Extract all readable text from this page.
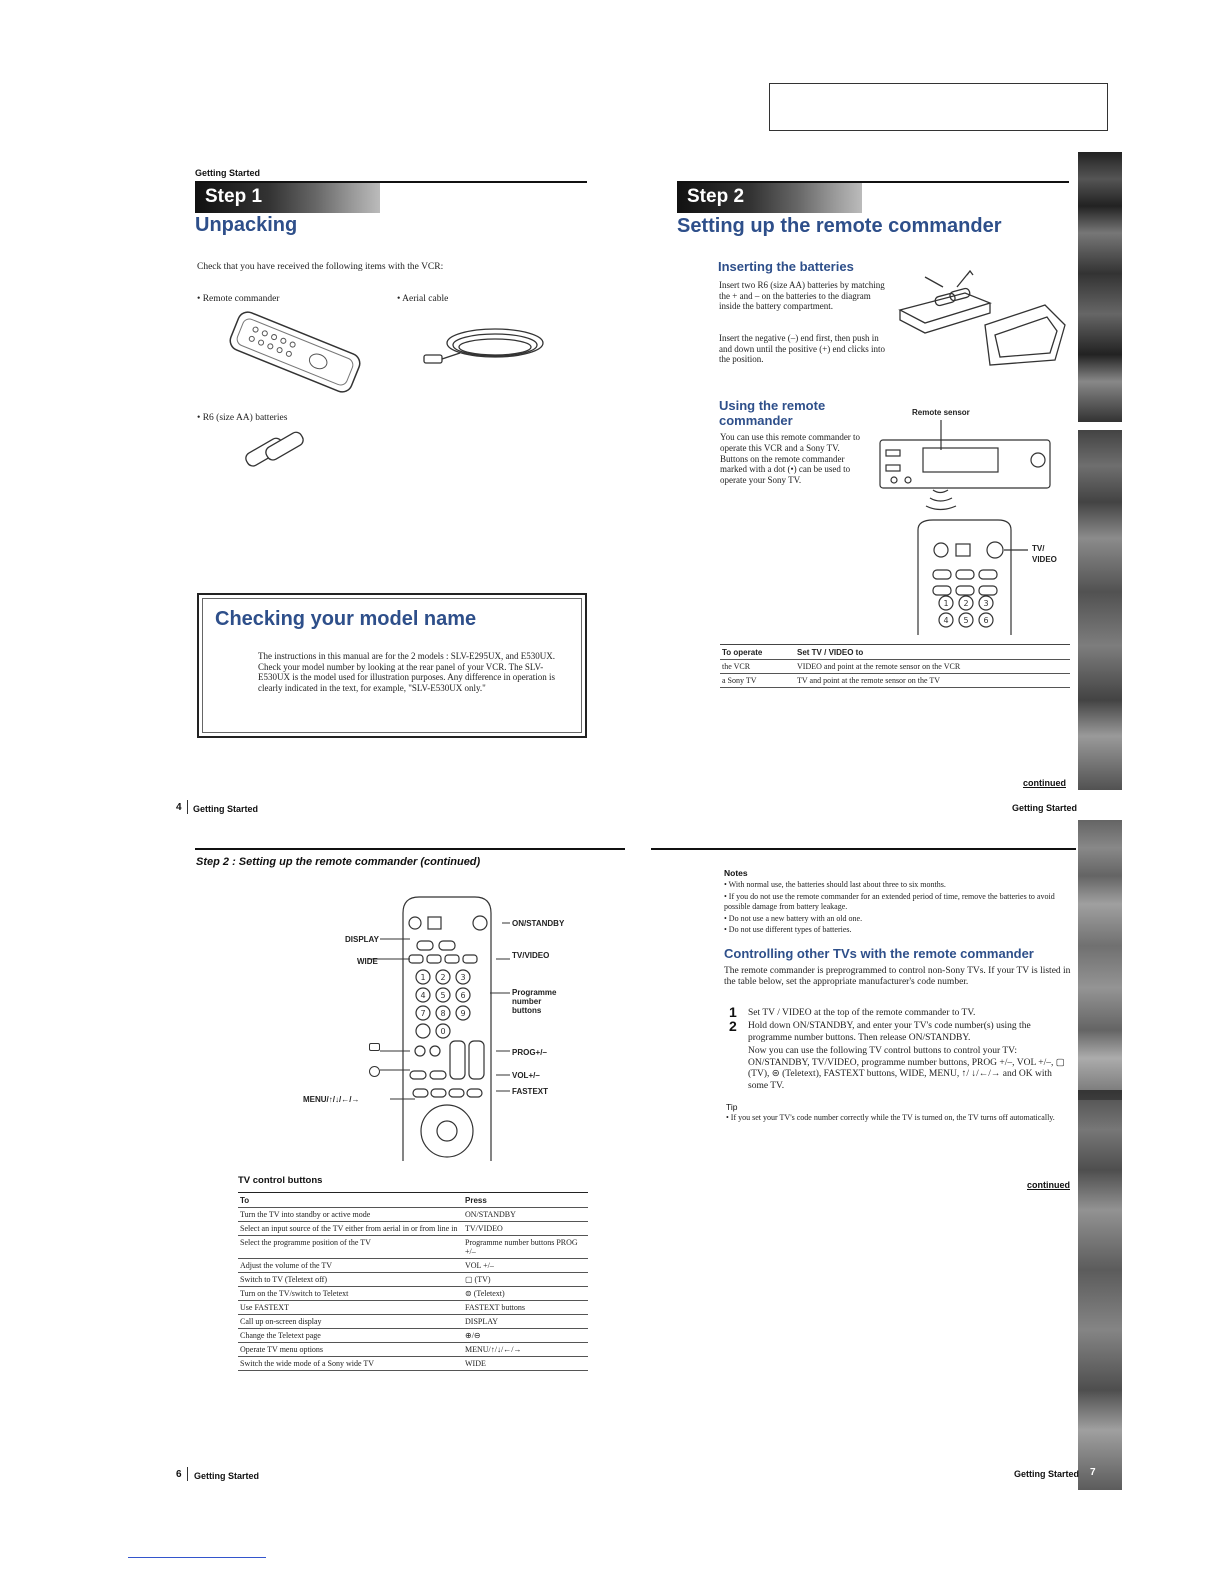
Getting Started
Step 1
Unpacking
Check that you have received the following items with the VCR:
• Remote commander	• Aerial cable
• R6 (size AA) batteries
Checking your model name
The instructions in this manual are for the 2 models : SLV-E295UX, and E530UX. Check your model number by looking at the rear panel of your VCR. The SLV-E530UX is the model used for illustration purposes. Any difference in operation is clearly indicated in the text, for example, "SLV-E530UX only."
4 Getting Started
Step 2
Setting up the remote commander
Inserting the batteries
Insert two R6 (size AA) batteries by matching the + and – on the batteries to the diagram inside the battery compartment.
Insert the negative (–) end first, then push in and down until the positive (+) end clicks into the position.
Using the remote commander
You can use this remote commander to operate this VCR and a Sony TV. Buttons on the remote commander marked with a dot (•) can be used to operate your Sony TV.
Remote sensor
TV/ VIDEO
1 2 3
4 5 6
To operate	Set TV / VIDEO to
the VCR	VIDEO and point at the remote sensor on the VCR
a Sony TV	TV and point at the remote sensor on the TV
continued
Getting Started 5
Step 2 : Setting up the remote commander (continued)
1 2 3
4 5 6
7 8 9
0
DISPLAY
WIDE
MENU/↑/↓/←/→
ON/STANDBY
TV/VIDEO
Programme number buttons
PROG+/–
VOL+/–
FASTEXT
TV control buttons
To	Press
Turn the TV into standby or active mode	ON/STANDBY
Select an input source of the TV either from aerial in or from line in	TV/VIDEO
Select the programme position of the TV	Programme number buttons PROG +/–
Adjust the volume of the TV	VOL +/–
Switch to TV (Teletext off)	▢ (TV)
Turn on the TV/switch to Teletext	⊜ (Teletext)
Use FASTEXT	FASTEXT buttons
Call up on-screen display	DISPLAY
Change the Teletext page	⊕/⊖
Operate TV menu options	MENU/↑/↓/←/→
Switch the wide mode of a Sony wide TV	WIDE
6 Getting Started
Notes
• With normal use, the batteries should last about three to six months.
• If you do not use the remote commander for an extended period of time, remove the batteries to avoid possible damage from battery leakage.
• Do not use a new battery with an old one.
• Do not use different types of batteries.
Controlling other TVs with the remote commander
The remote commander is preprogrammed to control non-Sony TVs. If your TV is listed in the table below, set the appropriate manufacturer's code number.
1 Set TV / VIDEO at the top of the remote commander to TV.
2 Hold down ON/STANDBY, and enter your TV's code number(s) using the programme number buttons. Then release ON/STANDBY.
Now you can use the following TV control buttons to control your TV: ON/STANDBY, TV/VIDEO, programme number buttons, PROG +/–, VOL +/–, ▢ (TV), ⊜ (Teletext), FASTEXT buttons, WIDE, MENU, ↑/ ↓/←/→ and OK with some TV.
Tip
• If you set your TV's code number correctly while the TV is turned on, the TV turns off automatically.
continued
Getting Started 7
